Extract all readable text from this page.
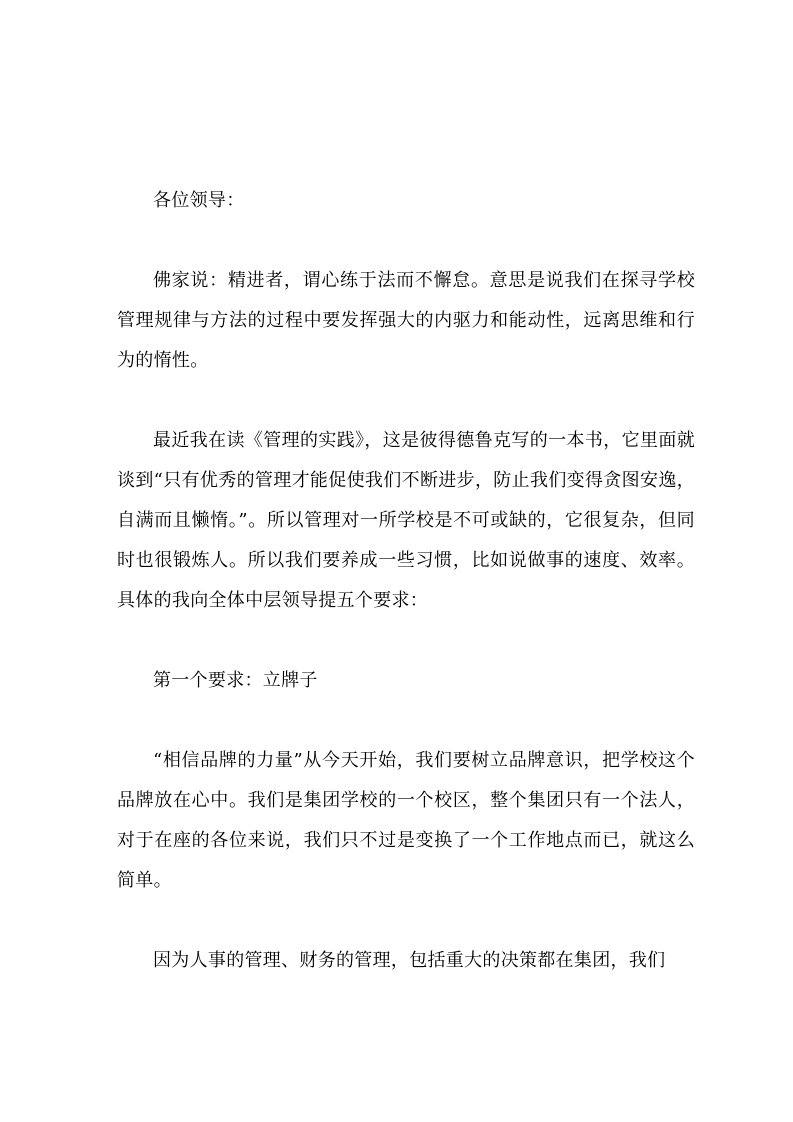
各位领导：

佛家说：精进者，谓心练于法而不懈怠。意思是说我们在探寻学校管理规律与方法的过程中要发挥强大的内驱力和能动性，远离思维和行为的惰性。

最近我在读《管理的实践》，这是彼得德鲁克写的一本书，它里面就谈到“只有优秀的管理才能促使我们不断进步，防止我们变得贪图安逸，自满而且懒惰。”。所以管理对一所学校是不可或缺的，它很复杂，但同时也很锻炼人。所以我们要养成一些习惯，比如说做事的速度、效率。具体的我向全体中层领导提五个要求：

第一个要求：立牌子

“相信品牌的力量”从今天开始，我们要树立品牌意识，把学校这个品牌放在心中。我们是集团学校的一个校区，整个集团只有一个法人，对于在座的各位来说，我们只不过是变换了一个工作地点而已，就这么简单。

因为人事的管理、财务的管理，包括重大的决策都在集团，我们
